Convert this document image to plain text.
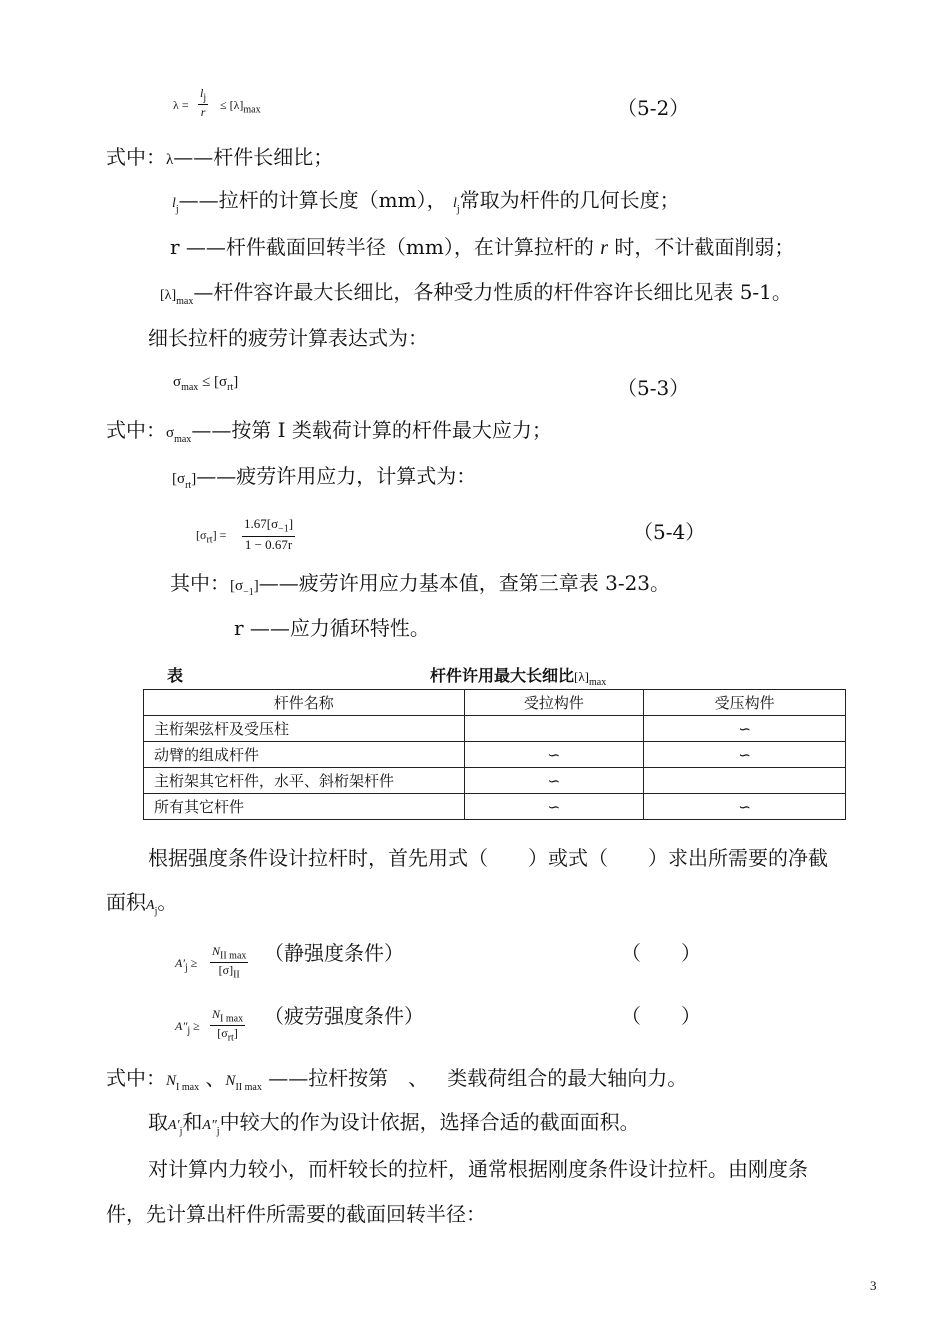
$\lambda = \frac{l_j}{r} \le [\lambda]_{max}$	（5-2）
式中：λ——杆件长细比；
$l_j——$拉杆的计算长度（mm）， $l_j$常取为杆件的几何长度；
r ——杆件截面回转半径（mm），在计算拉杆的 r 时，不计截面削弱；
$[\lambda]_{max}—$杆件容许最大长细比，各种受力性质的杆件容许长细比见表 5-1。
细长拉杆的疲劳计算表达式为：
$\sigma_{max} \le [\sigma_{rt}]$	（5-3）
式中：$\sigma_{max}——$按第 I 类载荷计算的杆件最大应力；
$[\sigma_{rt}]——$疲劳许用应力，计算式为：
$[\sigma_{rt}] = \frac{1.67[\sigma_{-1}]}{1 - 0.67r}$	（5-4）
其中：$[\sigma_{-1}]——$疲劳许用应力基本值，查第三章表 3-23。
r ——应力循环特性。
表	杆件许用最大长细比$[\lambda]_{max}$
杆件名称	受拉构件	受压构件
主桁架弦杆及受压柱		∽
动臂的组成杆件	∽	∽
主桁架其它杆件，水平、斜桁架杆件	∽	
所有其它杆件	∽	∽
根据强度条件设计拉杆时，首先用式（　　）或式（　　）求出所需要的净截
面积$A_j$。
$A'_j$ ≥
$N_{II max}$
$[\sigma]_{II}$
（静强度条件）	（　　）
$A''_j$ ≥
$N_{I max}$
$[\sigma_{rt}]$
（疲劳强度条件）	（　　）
式中：$N_{I max}$ 、$N_{II max}$ ——拉杆按第　、 类载荷组合的最大轴向力。
取$A'_j$和$A''_j$中较大的作为设计依据，选择合适的截面面积。
对计算内力较小，而杆较长的拉杆，通常根据刚度条件设计拉杆。由刚度条
件，先计算出杆件所需要的截面回转半径：
3
